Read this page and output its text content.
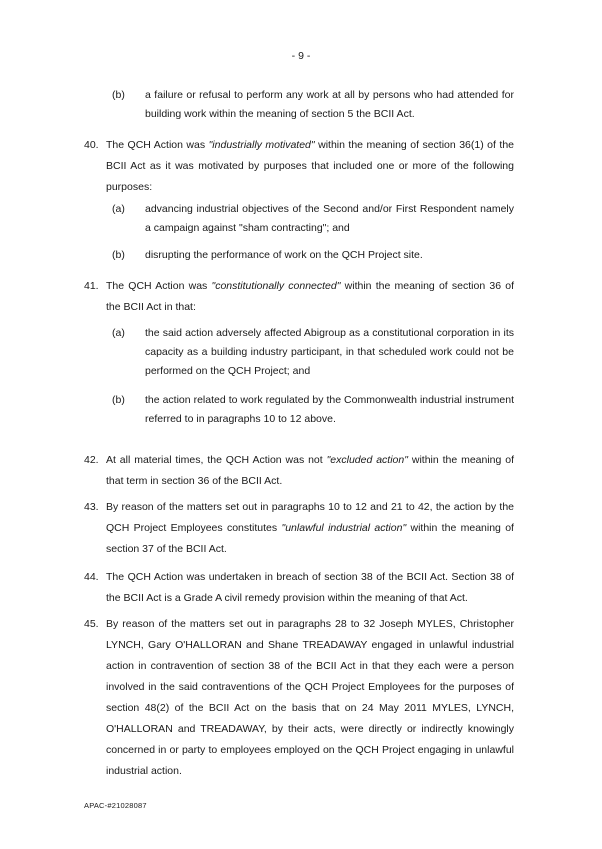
- 9 -
(b) a failure or refusal to perform any work at all by persons who had attended for building work within the meaning of section 5 the BCII Act.
40. The QCH Action was "industrially motivated" within the meaning of section 36(1) of the BCII Act as it was motivated by purposes that included one or more of the following purposes:
(a) advancing industrial objectives of the Second and/or First Respondent namely a campaign against "sham contracting"; and
(b) disrupting the performance of work on the QCH Project site.
41. The QCH Action was "constitutionally connected" within the meaning of section 36 of the BCII Act in that:
(a) the said action adversely affected Abigroup as a constitutional corporation in its capacity as a building industry participant, in that scheduled work could not be performed on the QCH Project; and
(b) the action related to work regulated by the Commonwealth industrial instrument referred to in paragraphs 10 to 12 above.
42. At all material times, the QCH Action was not "excluded action" within the meaning of that term in section 36 of the BCII Act.
43. By reason of the matters set out in paragraphs 10 to 12 and 21 to 42, the action by the QCH Project Employees constitutes "unlawful industrial action" within the meaning of section 37 of the BCII Act.
44. The QCH Action was undertaken in breach of section 38 of the BCII Act. Section 38 of the BCII Act is a Grade A civil remedy provision within the meaning of that Act.
45. By reason of the matters set out in paragraphs 28 to 32 Joseph MYLES, Christopher LYNCH, Gary O'HALLORAN and Shane TREADAWAY engaged in unlawful industrial action in contravention of section 38 of the BCII Act in that they each were a person involved in the said contraventions of the QCH Project Employees for the purposes of section 48(2) of the BCII Act on the basis that on 24 May 2011 MYLES, LYNCH, O'HALLORAN and TREADAWAY, by their acts, were directly or indirectly knowingly concerned in or party to employees employed on the QCH Project engaging in unlawful industrial action.
APAC-#21028087
